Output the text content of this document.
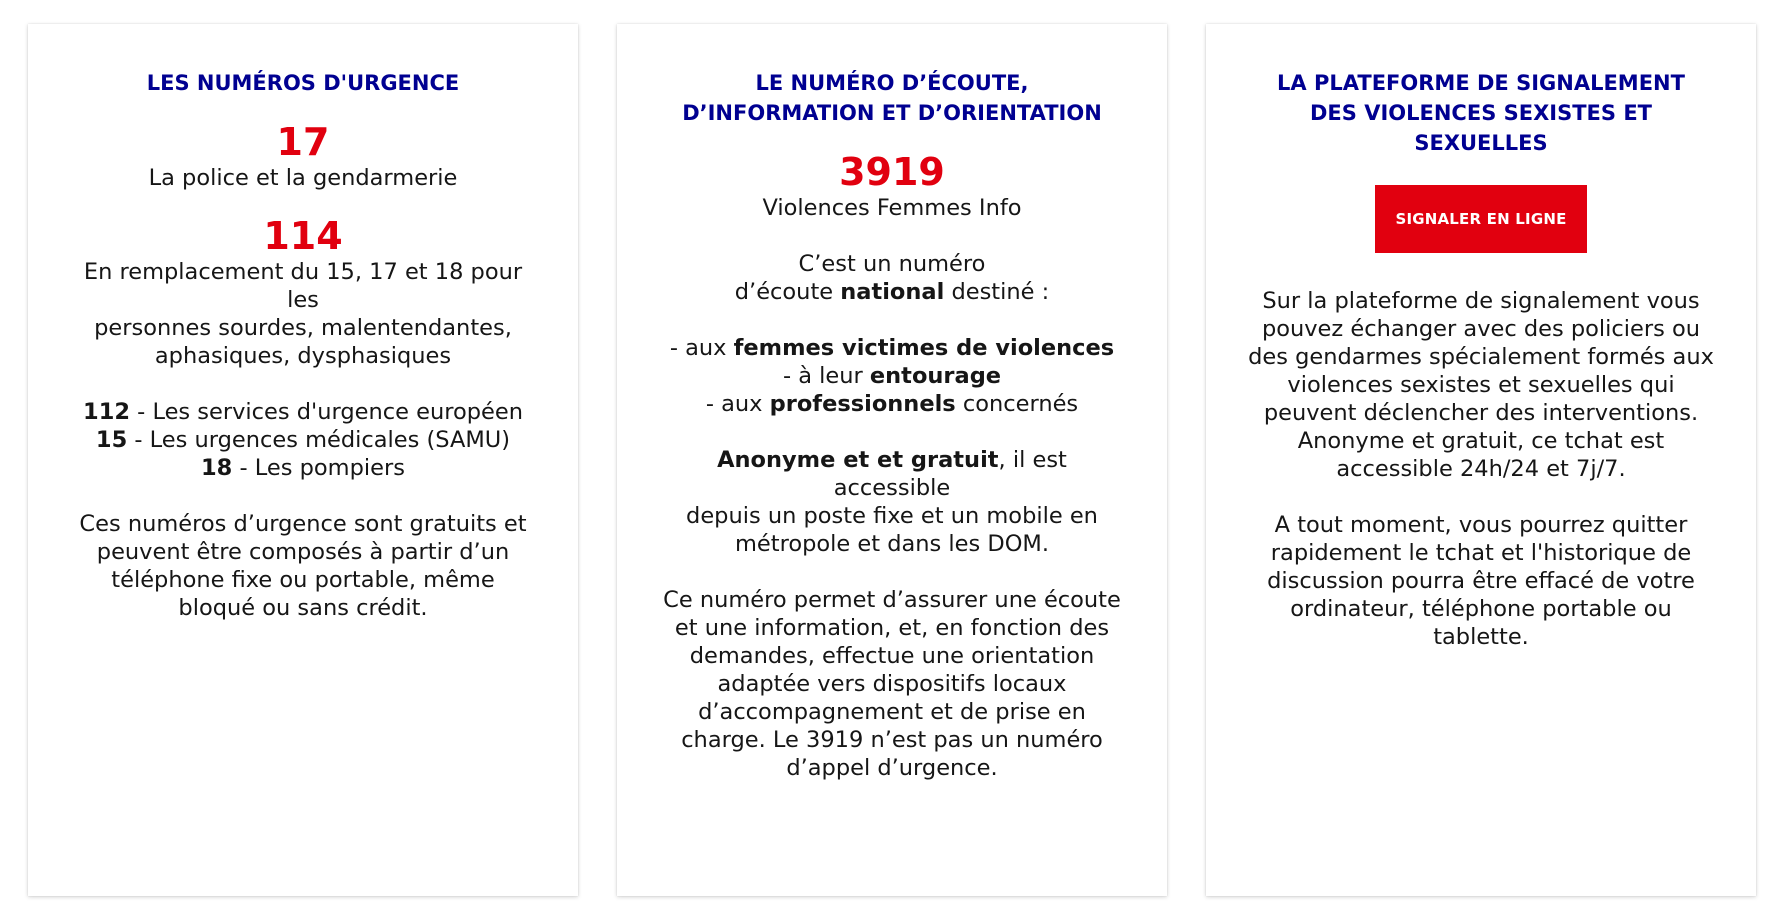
LES NUMÉROS D'URGENCE

17

La police et la gendarmerie

114

En remplacement du 15, 17 et 18 pour les

personnes sourdes, malentendantes,

aphasiques, dysphasiques

112 - Les services d'urgence européen

15 - Les urgences médicales (SAMU)

18 - Les pompiers

Ces numéros d’urgence sont gratuits et

peuvent être composés à partir d’un

téléphone fixe ou portable, même

bloqué ou sans crédit.

LE NUMÉRO D’ÉCOUTE,
D’INFORMATION ET D’ORIENTATION

3919

Violences Femmes Info

C’est un numéro

d’écoute national destiné :

- aux femmes victimes de violences

- à leur entourage

- aux professionnels concernés

Anonyme et et gratuit, il est accessible

depuis un poste fixe et un mobile en

métropole et dans les DOM.

Ce numéro permet d’assurer une écoute

et une information, et, en fonction des

demandes, effectue une orientation

adaptée vers dispositifs locaux

d’accompagnement et de prise en

charge. Le 3919 n’est pas un numéro

d’appel d’urgence.

LA PLATEFORME DE SIGNALEMENT
DES VIOLENCES SEXISTES ET
SEXUELLES
SIGNALER EN LIGNE

Sur la plateforme de signalement vous

pouvez échanger avec des policiers ou

des gendarmes spécialement formés aux

violences sexistes et sexuelles qui

peuvent déclencher des interventions.

Anonyme et gratuit, ce tchat est

accessible 24h/24 et 7j/7.

A tout moment, vous pourrez quitter

rapidement le tchat et l'historique de

discussion pourra être effacé de votre

ordinateur, téléphone portable ou

tablette.
